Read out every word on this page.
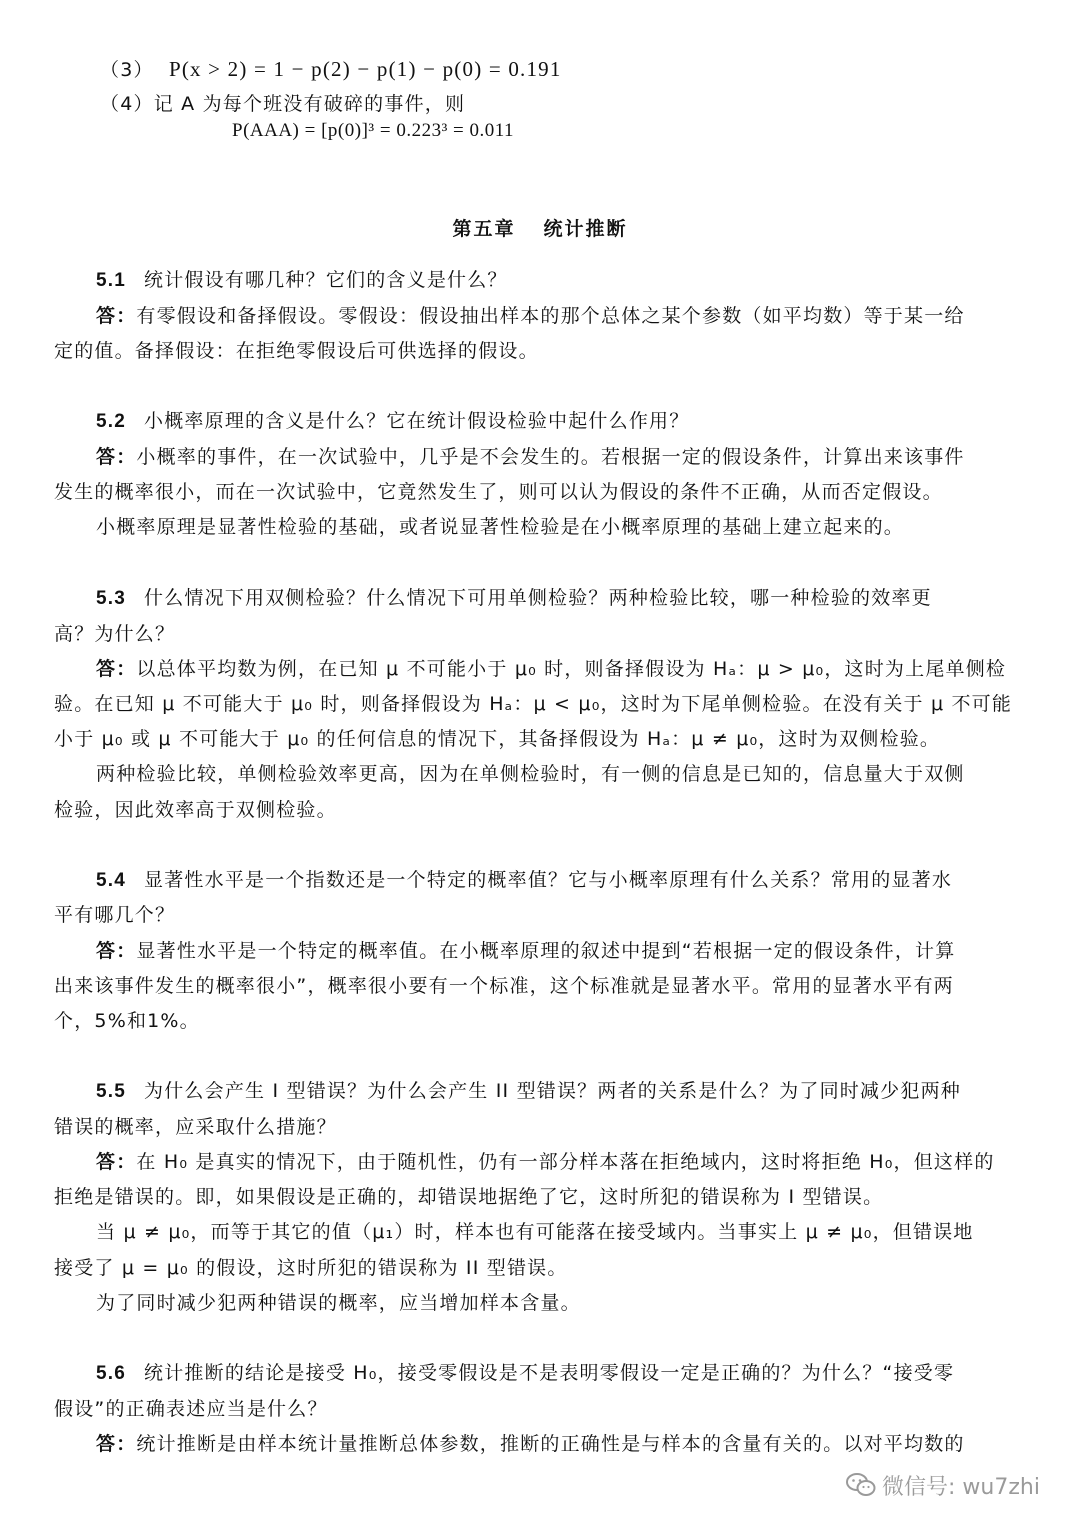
（3） P(x > 2) = 1 − p(2) − p(1) − p(0) = 0.191
（4）记 A 为每个班没有破碎的事件，则
P(AAA) = [p(0)]³ = 0.223³ = 0.011
第五章 统计推断
5.1 统计假设有哪几种？它们的含义是什么？
答：有零假设和备择假设。零假设：假设抽出样本的那个总体之某个参数（如平均数）等于某一给
定的值。备择假设：在拒绝零假设后可供选择的假设。
5.2 小概率原理的含义是什么？它在统计假设检验中起什么作用？
答：小概率的事件，在一次试验中，几乎是不会发生的。若根据一定的假设条件，计算出来该事件
发生的概率很小，而在一次试验中，它竟然发生了，则可以认为假设的条件不正确，从而否定假设。
小概率原理是显著性检验的基础，或者说显著性检验是在小概率原理的基础上建立起来的。
5.3 什么情况下用双侧检验？什么情况下可用单侧检验？两种检验比较，哪一种检验的效率更
高？为什么？
答：以总体平均数为例，在已知 μ 不可能小于 μ₀ 时，则备择假设为 Hₐ：μ > μ₀，这时为上尾单侧检
验。在已知 μ 不可能大于 μ₀ 时，则备择假设为 Hₐ：μ < μ₀，这时为下尾单侧检验。在没有关于 μ 不可能
小于 μ₀ 或 μ 不可能大于 μ₀ 的任何信息的情况下，其备择假设为 Hₐ：μ ≠ μ₀，这时为双侧检验。
两种检验比较，单侧检验效率更高，因为在单侧检验时，有一侧的信息是已知的，信息量大于双侧
检验，因此效率高于双侧检验。
5.4 显著性水平是一个指数还是一个特定的概率值？它与小概率原理有什么关系？常用的显著水
平有哪几个？
答：显著性水平是一个特定的概率值。在小概率原理的叙述中提到“若根据一定的假设条件，计算
出来该事件发生的概率很小”，概率很小要有一个标准，这个标准就是显著水平。常用的显著水平有两
个，5%和1%。
5.5 为什么会产生 I 型错误？为什么会产生 II 型错误？两者的关系是什么？为了同时减少犯两种
错误的概率，应采取什么措施？
答：在 H₀ 是真实的情况下，由于随机性，仍有一部分样本落在拒绝域内，这时将拒绝 H₀，但这样的
拒绝是错误的。即，如果假设是正确的，却错误地据绝了它，这时所犯的错误称为 I 型错误。
当 μ ≠ μ₀，而等于其它的值（μ₁）时，样本也有可能落在接受域内。当事实上 μ ≠ μ₀，但错误地
接受了 μ = μ₀ 的假设，这时所犯的错误称为 II 型错误。
为了同时减少犯两种错误的概率，应当增加样本含量。
5.6 统计推断的结论是接受 H₀，接受零假设是不是表明零假设一定是正确的？为什么？“接受零
假设”的正确表述应当是什么？
答：统计推断是由样本统计量推断总体参数，推断的正确性是与样本的含量有关的。以对平均数的
微信号: wu7zhi
